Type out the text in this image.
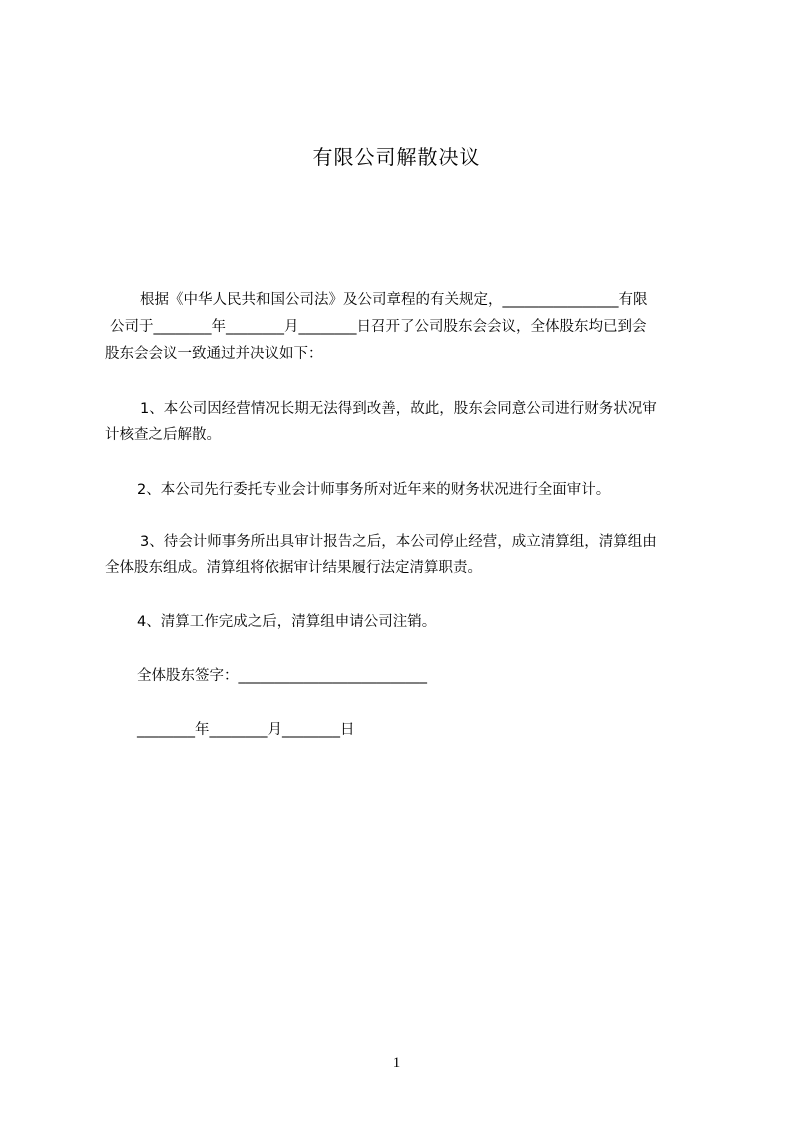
有限公司解散决议
根据《中华人民共和国公司法》及公司章程的有关规定，________________有限
公司于________年________月________日召开了公司股东会会议，全体股东均已到会
股东会会议一致通过并决议如下：
1、本公司因经营情况长期无法得到改善，故此，股东会同意公司进行财务状况审
计核查之后解散。
2、本公司先行委托专业会计师事务所对近年来的财务状况进行全面审计。
3、待会计师事务所出具审计报告之后，本公司停止经营，成立清算组，清算组由
全体股东组成。清算组将依据审计结果履行法定清算职责。
4、清算工作完成之后，清算组申请公司注销。
全体股东签字：__________________________
________年________月________日
1
